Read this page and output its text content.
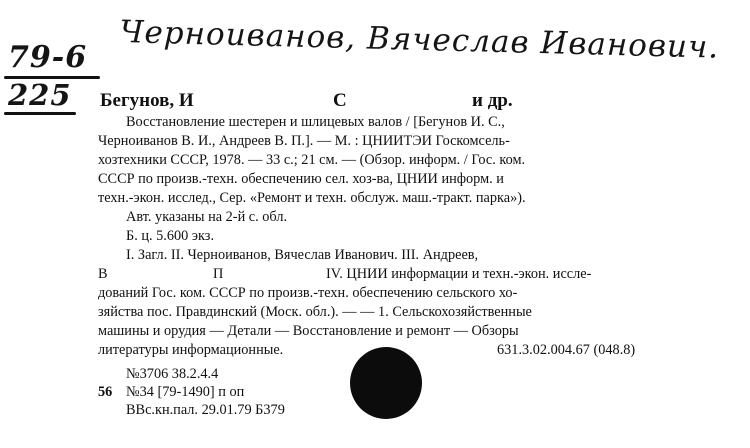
Черноиванов, Вячеслав Иванович.
79-6
225 Бегунов, И	С	и др.
Восстановление шестерен и шлицевых валов / [Бегунов И. С.,
Черноиванов В. И., Андреев В. П.]. — М. : ЦНИИТЭИ Госкомсель-
хозтехники СССР, 1978. — 33 с.; 21 см. — (Обзор. информ. / Гос. ком.
СССР по произв.-техн. обеспечению сел. хоз-ва, ЦНИИ информ. и
техн.-экон. исслед., Сер. «Ремонт и техн. обслуж. маш.-тракт. парка»).
Авт. указаны на 2-й с. обл.
Б. ц. 5.600 экз.
I. Загл. II. Черноиванов, Вячеслав Иванович. III. Андреев,
В	П	IV. ЦНИИ информации и техн.-экон. иссле-
дований Гос. ком. СССР по произв.-техн. обеспечению сельского хо-
зяйства пос. Правдинский (Моск. обл.). — — 1. Сельскохозяйственные
машины и орудия — Детали — Восстановление и ремонт — Обзоры
литературы информационные.	631.3.02.004.67 (048.8)
№3706 38.2.4.4
56 №34 [79-1490] п оп
ВВс.кн.пал. 29.01.79 Б379
